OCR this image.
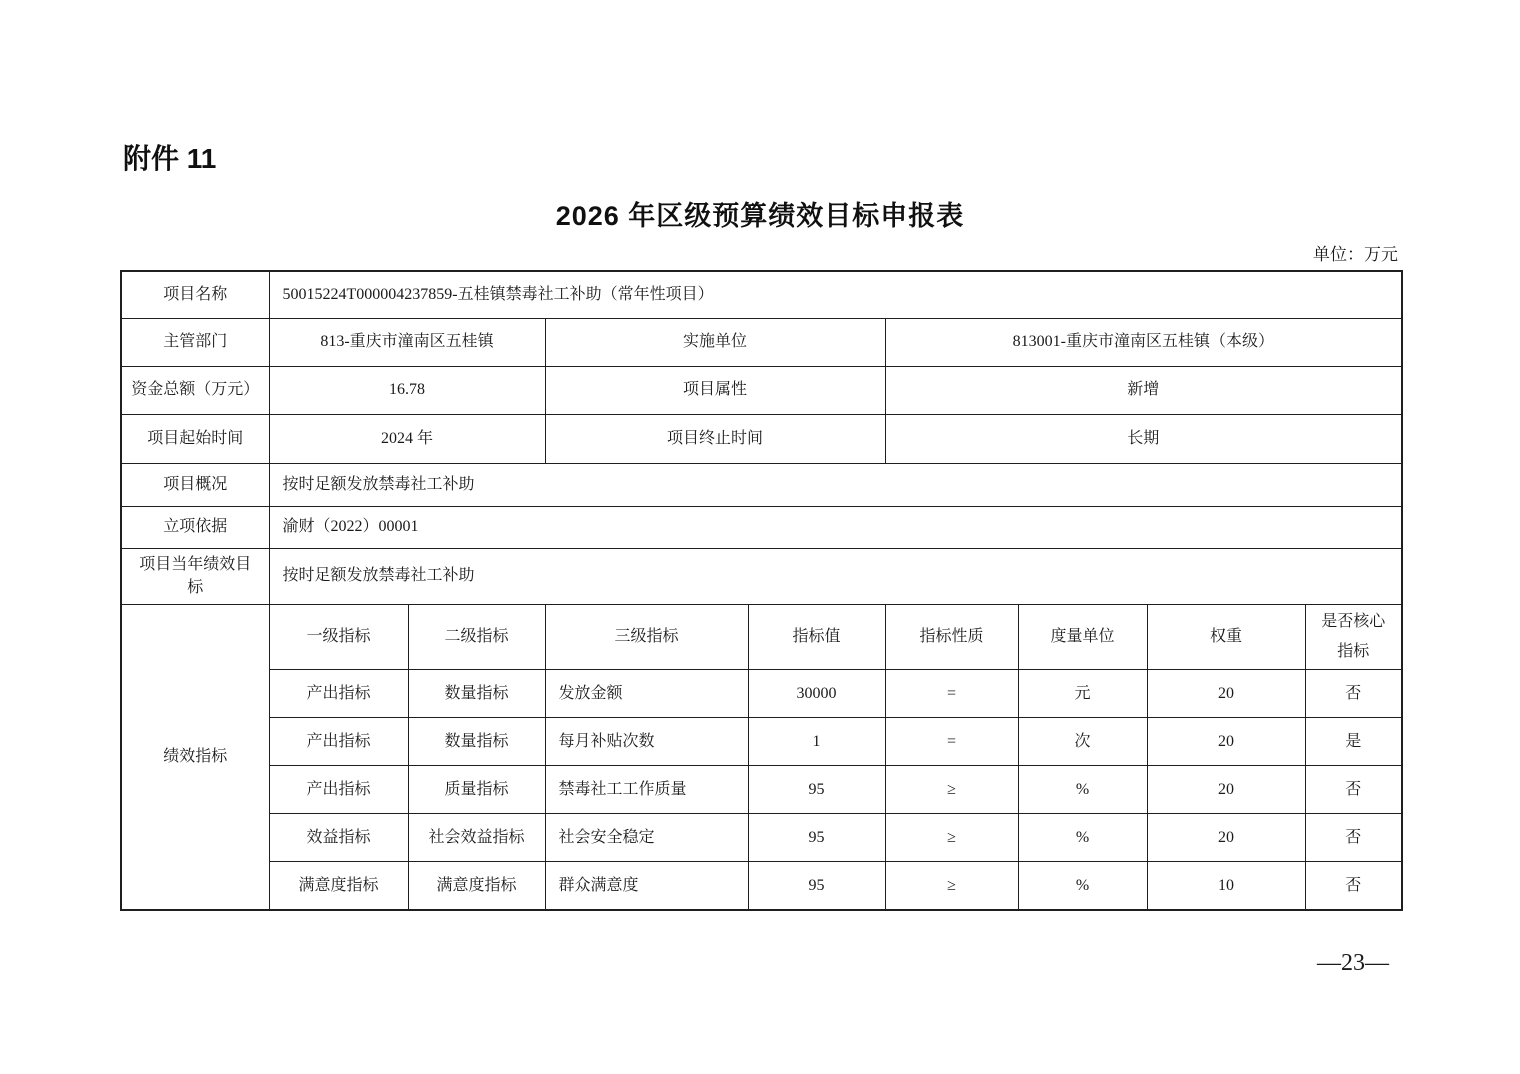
附件 11
2026 年区级预算绩效目标申报表
单位：万元
项目名称	50015224T000004237859-五桂镇禁毒社工补助（常年性项目）							
主管部门	813-重庆市潼南区五桂镇		实施单位		813001-重庆市潼南区五桂镇（本级）			
资金总额（万元）	16.78		项目属性		新增			
项目起始时间	2024 年		项目终止时间		长期			
项目概况	按时足额发放禁毒社工补助							
立项依据	渝财（2022）00001							
项目当年绩效目标	按时足额发放禁毒社工补助							
绩效指标	一级指标	二级指标	三级指标	指标值	指标性质	度量单位	权重	是否核心指标
	产出指标	数量指标	发放金额	30000	=	元	20	否
	产出指标	数量指标	每月补贴次数	1	=	次	20	是
	产出指标	质量指标	禁毒社工工作质量	95	≥	%	20	否
	效益指标	社会效益指标	社会安全稳定	95	≥	%	20	否
	满意度指标	满意度指标	群众满意度	95	≥	%	10	否
—23—
